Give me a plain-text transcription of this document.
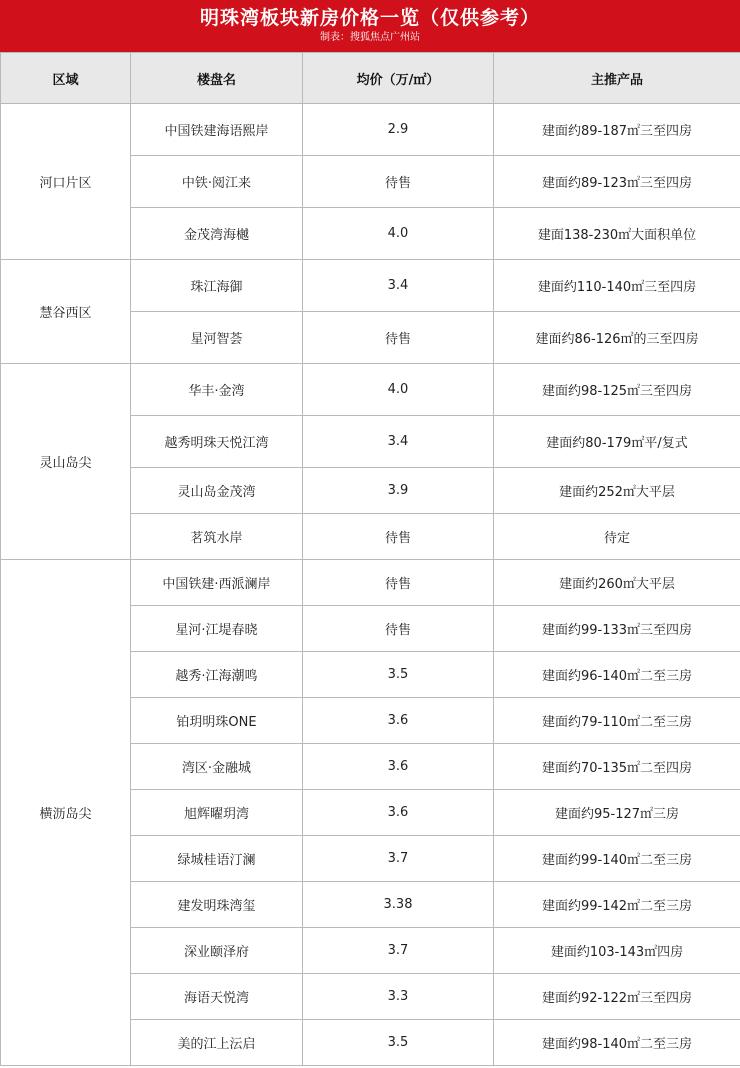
明珠湾板块新房价格一览（仅供参考）
制表：搜狐焦点广州站
区域	楼盘名	均价（万/㎡）	主推产品
河口片区	中国铁建海语熙岸	2.9	建面约89-187㎡三至四房
	中铁·阅江来	待售	建面约89-123㎡三至四房
	金茂湾海樾	4.0	建面138-230㎡大面积单位
慧谷西区	珠江海御	3.4	建面约110-140㎡三至四房
	星河智荟	待售	建面约86-126㎡的三至四房
灵山岛尖	华丰·金湾	4.0	建面约98-125㎡三至四房
	越秀明珠天悦江湾	3.4	建面约80-179㎡平/复式
	灵山岛金茂湾	3.9	建面约252㎡大平层
	茗筑水岸	待售	待定
横沥岛尖	中国铁建·西派澜岸	待售	建面约260㎡大平层
	星河·江堤春晓	待售	建面约99-133㎡三至四房
	越秀·江海潮鸣	3.5	建面约96-140㎡二至三房
	铂玥明珠ONE	3.6	建面约79-110㎡二至三房
	湾区·金融城	3.6	建面约70-135㎡二至四房
	旭辉曜玥湾	3.6	建面约95-127㎡三房
	绿城桂语汀澜	3.7	建面约99-140㎡二至三房
	建发明珠湾玺	3.38	建面约99-142㎡二至三房
	深业颐泽府	3.7	建面约103-143㎡四房
	海语天悦湾	3.3	建面约92-122㎡三至四房
	美的江上沄启	3.5	建面约98-140㎡二至三房
